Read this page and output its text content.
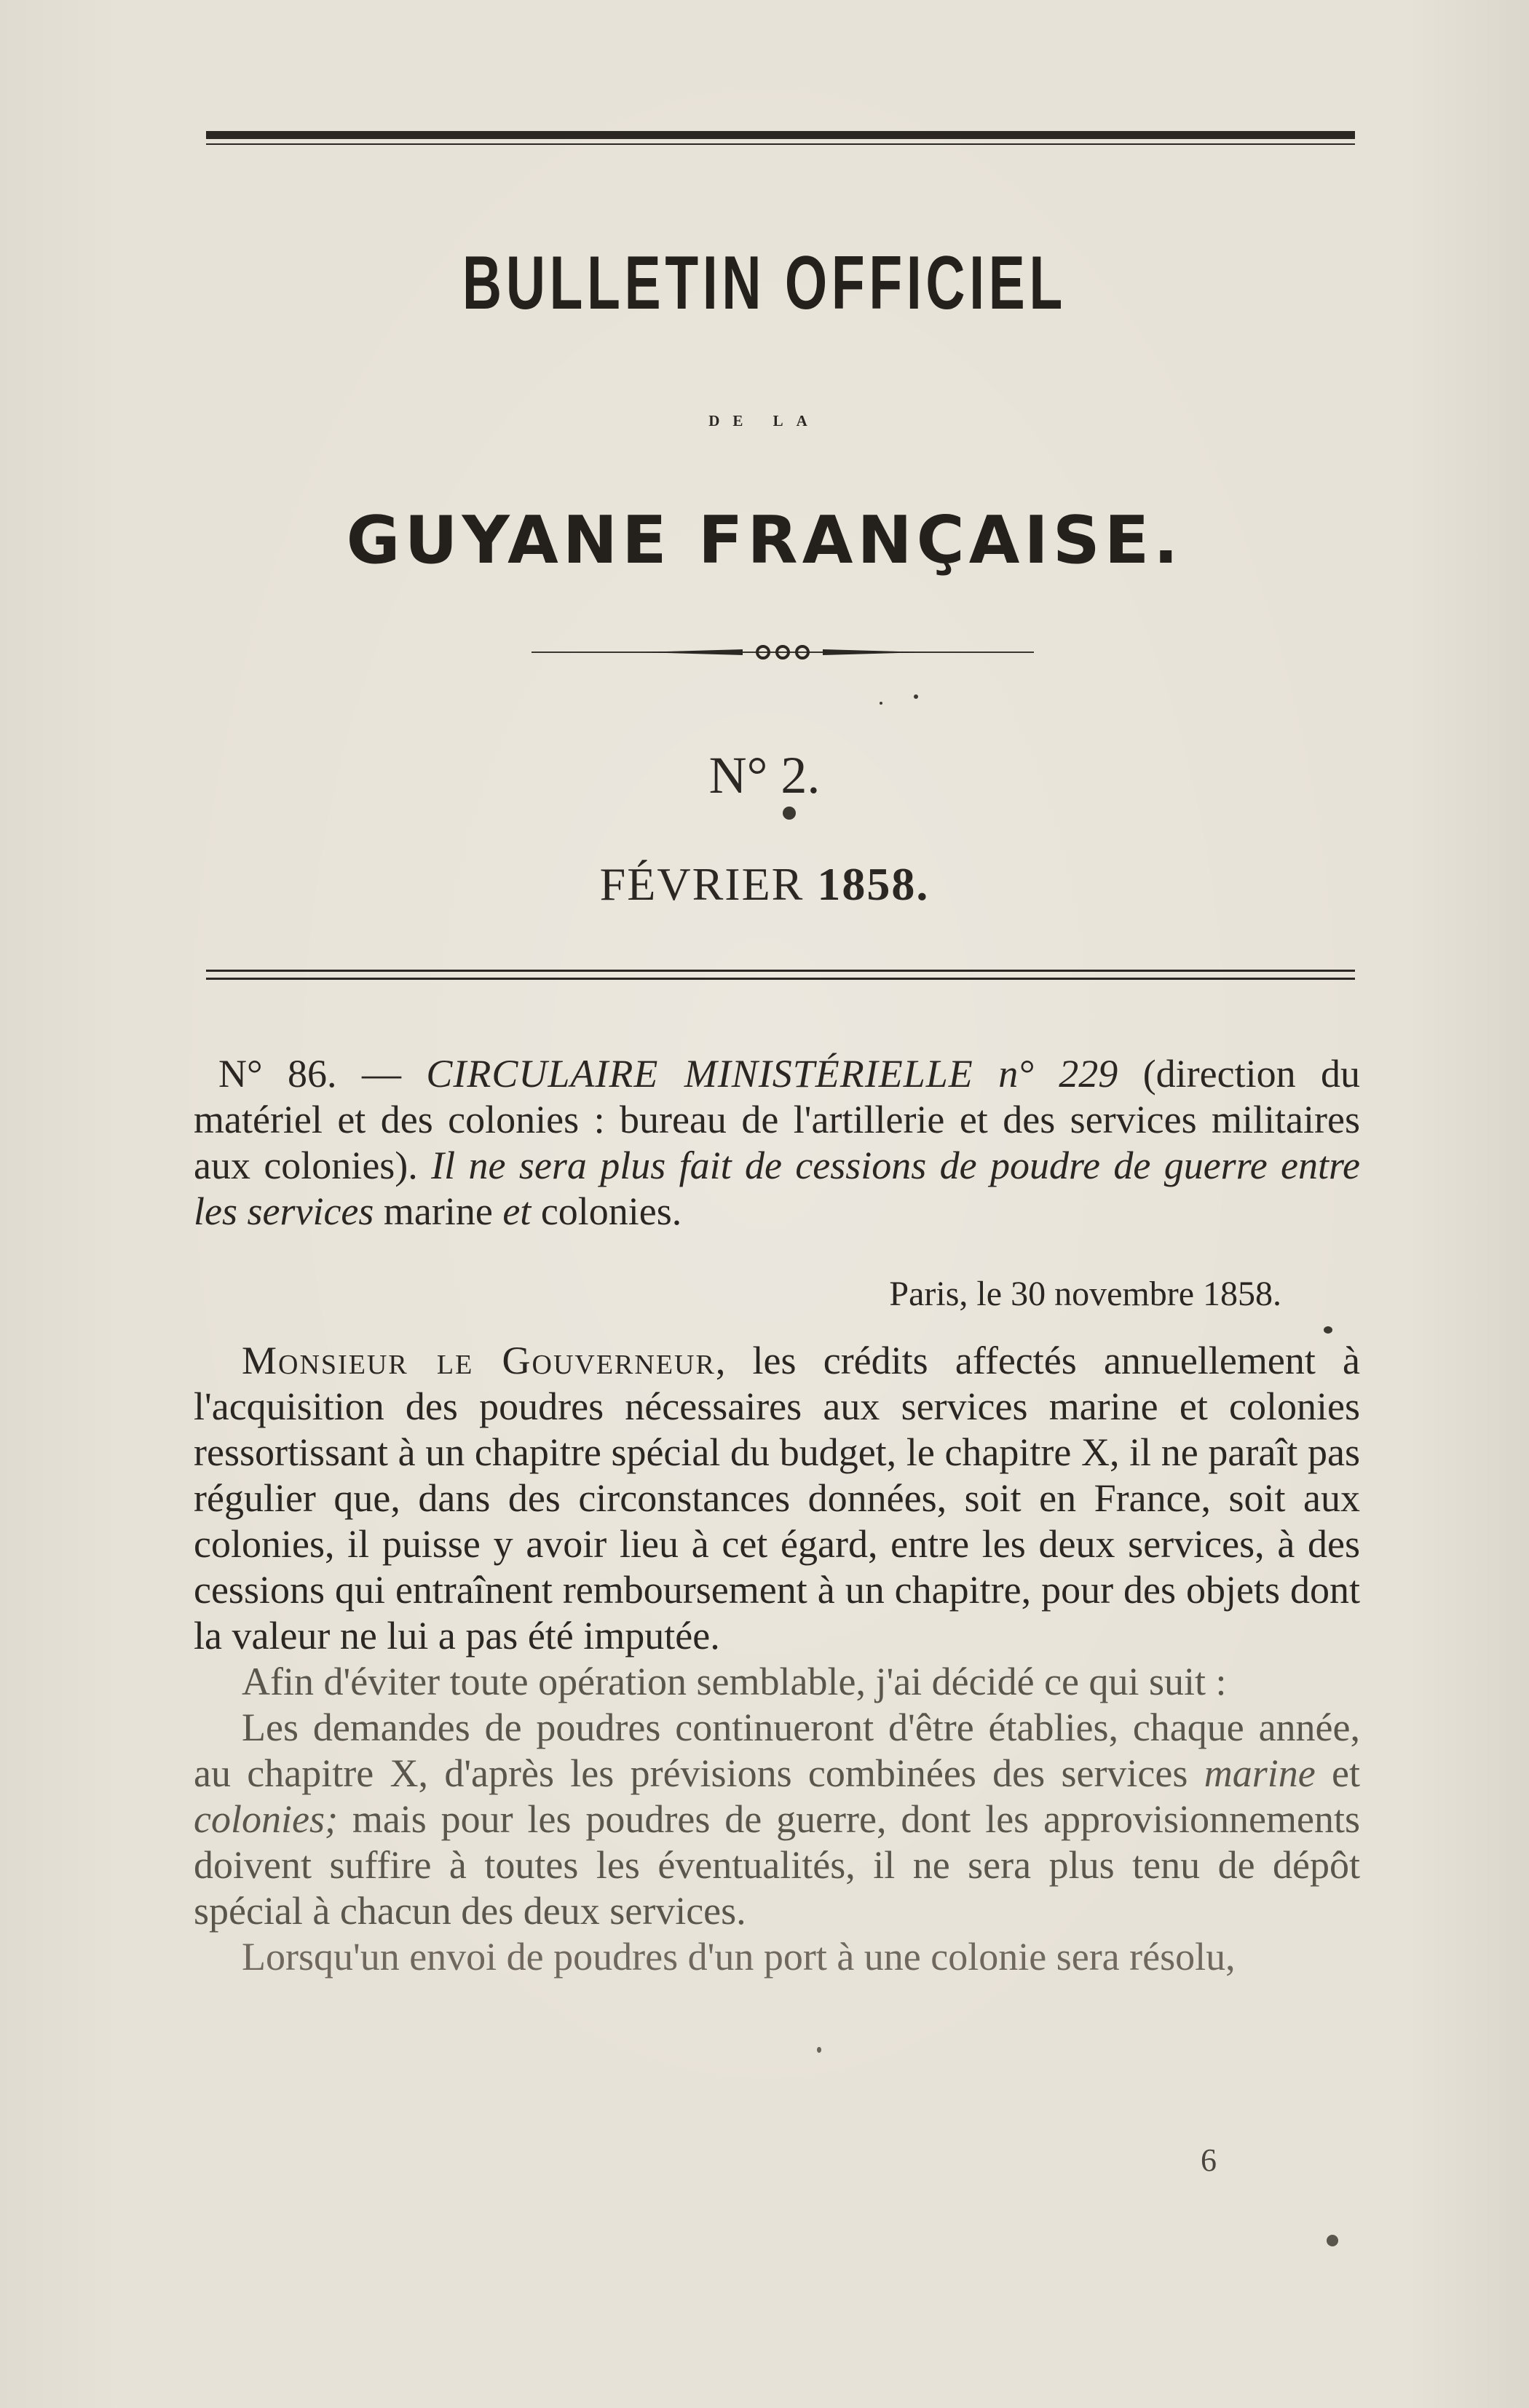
BULLETIN OFFICIEL
DE LA
GUYANE FRANÇAISE.
N° 2.
FÉVRIER 1858.
N° 86. — CIRCULAIRE MINISTÉRIELLE n° 229 (direction du matériel et des colonies : bureau de l'artillerie et des services militaires aux colonies). Il ne sera plus fait de cessions de poudre de guerre entre les services marine et colonies.
Paris, le 30 novembre 1858.

Monsieur le Gouverneur, les crédits affectés annuellement à l'acquisition des poudres nécessaires aux services marine et colonies ressortissant à un chapitre spécial du budget, le chapitre X, il ne paraît pas régulier que, dans des circonstances données, soit en France, soit aux colonies, il puisse y avoir lieu à cet égard, entre les deux services, à des cessions qui entraînent remboursement à un chapitre, pour des objets dont la valeur ne lui a pas été imputée.

Afin d'éviter toute opération semblable, j'ai décidé ce qui suit :

Les demandes de poudres continueront d'être établies, chaque année, au chapitre X, d'après les prévisions combinées des services marine et colonies; mais pour les poudres de guerre, dont les approvisionnements doivent suffire à toutes les éventualités, il ne sera plus tenu de dépôt spécial à chacun des deux services.

Lorsqu'un envoi de poudres d'un port à une colonie sera résolu,

6
